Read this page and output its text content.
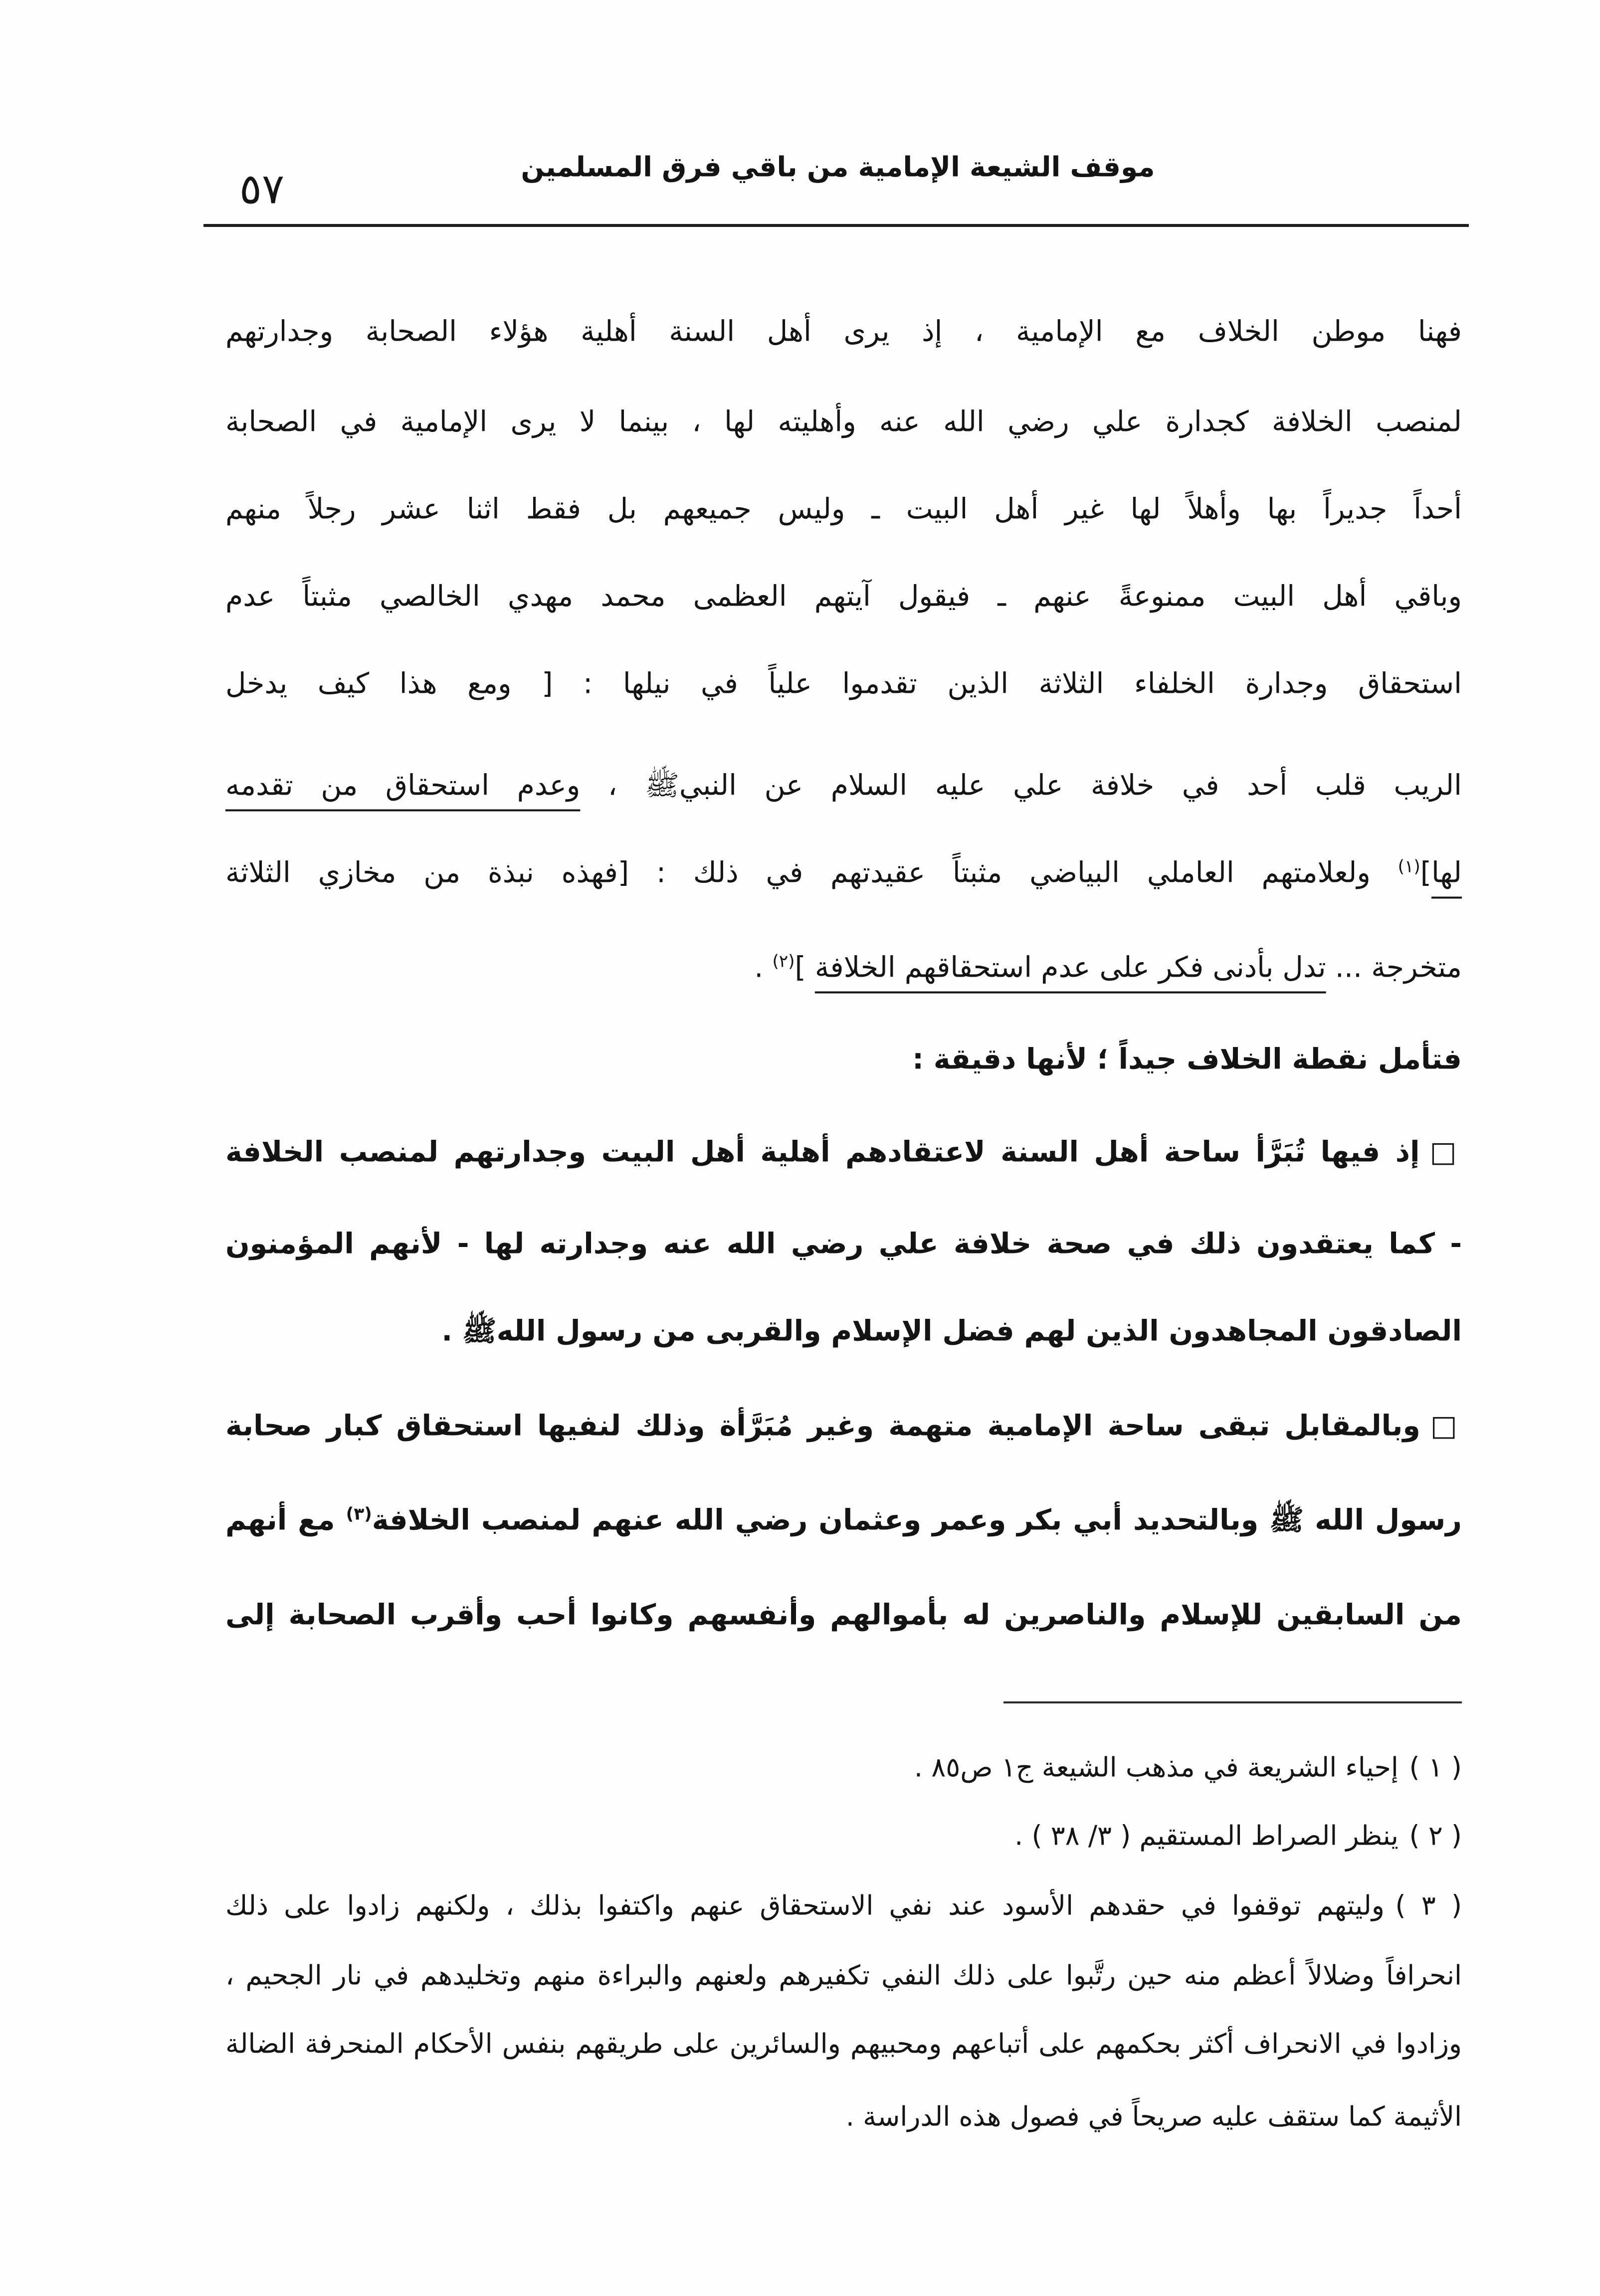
موقف الشيعة الإمامية من باقي فرق المسلمين
٥٧
فهنا موطن الخلاف مع الإمامية ، إذ يرى أهل السنة أهلية هؤلاء الصحابة وجدارتهم
لمنصب الخلافة كجدارة علي رضي الله عنه وأهليته لها ، بينما لا يرى الإمامية في الصحابة
أحداً جديراً بها وأهلاً لها غير أهل البيت ـ وليس جميعهم بل فقط اثنا عشر رجلاً منهم
وباقي أهل البيت ممنوعةً عنهم ـ فيقول آيتهم العظمى محمد مهدي الخالصي مثبتاً عدم
استحقاق وجدارة الخلفاء الثلاثة الذين تقدموا علياً في نيلها : [ ومع هذا كيف يدخل
الريب قلب أحد في خلافة علي عليه السلام عن النبيﷺ ، وعدم استحقاق من تقدمه
لها]$^{(١)}$ ولعلامتهم العاملي البياضي مثبتاً عقيدتهم في ذلك : [فهذه نبذة من مخازي الثلاثة
متخرجة ... تدل بأدنى فكر على عدم استحقاقهم الخلافة ]$^{(٢)}$ .
فتأمل نقطة الخلاف جيداً ؛ لأنها دقيقة :
□إذ فيها تُبَرَّأ ساحة أهل السنة لاعتقادهم أهلية أهل البيت وجدارتهم لمنصب الخلافة
- كما يعتقدون ذلك في صحة خلافة علي رضي الله عنه وجدارته لها - لأنهم المؤمنون
الصادقون المجاهدون الذين لهم فضل الإسلام والقربى من رسول اللهﷺ .
□وبالمقابل تبقى ساحة الإمامية متهمة وغير مُبَرَّأة وذلك لنفيها استحقاق كبار صحابة
رسول الله ﷺ وبالتحديد أبي بكر وعمر وعثمان رضي الله عنهم لمنصب الخلافة$^{(٣)}$ مع أنهم
من السابقين للإسلام والناصرين له بأموالهم وأنفسهم وكانوا أحب وأقرب الصحابة إلى
( ١ )إحياء الشريعة في مذهب الشيعة ج١ ص٨٥ .
( ٢ )ينظر الصراط المستقيم ( ٣/ ٣٨ ) .
( ٣ )وليتهم توقفوا في حقدهم الأسود عند نفي الاستحقاق عنهم واكتفوا بذلك ، ولكنهم زادوا على ذلك
انحرافاً وضلالاً أعظم منه حين رتَّبوا على ذلك النفي تكفيرهم ولعنهم والبراءة منهم وتخليدهم في نار الجحيم ،
وزادوا في الانحراف أكثر بحكمهم على أتباعهم ومحبيهم والسائرين على طريقهم بنفس الأحكام المنحرفة الضالة
الأثيمة كما ستقف عليه صريحاً في فصول هذه الدراسة .
